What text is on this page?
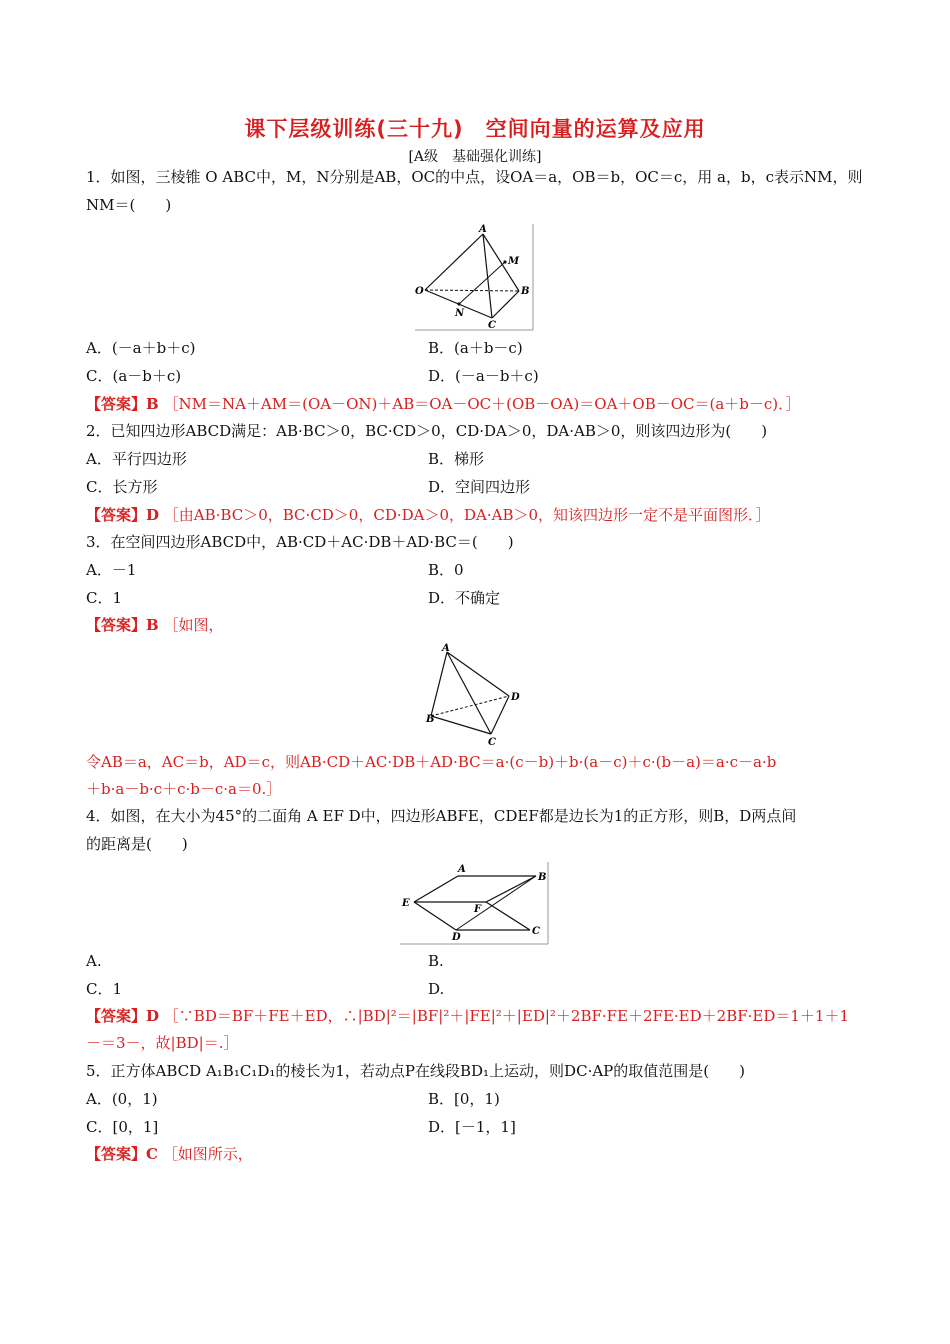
课下层级训练(三十九)　空间向量的运算及应用
[A级　基础强化训练]
1．如图，三棱锥 O ABC中，M，N分别是AB，OC的中点，设OA＝a，OB＝b，OC＝c，用 a，b，c表示NM，则
NM＝(　　)
A
M
O	B
N
C
A．(－a＋b＋c)	B．(a＋b－c)
C．(a－b＋c)	D．(－a－b＋c)
【答案】B ［NM＝NA＋AM＝(OA－ON)＋AB＝OA－OC＋(OB－OA)＝OA＋OB－OC＝(a＋b－c)．］
2．已知四边形ABCD满足：AB·BC＞0，BC·CD＞0，CD·DA＞0，DA·AB＞0，则该四边形为(　　)
A．平行四边形	B．梯形
C．长方形	D．空间四边形
【答案】D ［由AB·BC＞0，BC·CD＞0，CD·DA＞0，DA·AB＞0，知该四边形一定不是平面图形．］
3．在空间四边形ABCD中，AB·CD＋AC·DB＋AD·BC＝(　　)
A．－1	B．0
C．1	D．不确定
【答案】B ［如图，
A
D
B
C
令AB＝a，AC＝b，AD＝c，则AB·CD＋AC·DB＋AD·BC＝a·(c－b)＋b·(a－c)＋c·(b－a)＝a·c－a·b
＋b·a－b·c＋c·b－c·a＝0.］
4．如图，在大小为45°的二面角 A EF D中，四边形ABFE，CDEF都是边长为1的正方形，则B，D两点间
的距离是(　　)
A
B
E
F
D
C
A.	B.
C．1	D.
【答案】D ［∵BD＝BF＋FE＋ED，∴|BD|²＝|BF|²＋|FE|²＋|ED|²＋2BF·FE＋2FE·ED＋2BF·ED＝1＋1＋1
－＝3－，故|BD|＝.］
5．正方体ABCD A₁B₁C₁D₁的棱长为1，若动点P在线段BD₁上运动，则DC·AP的取值范围是(　　)
A．(0，1)	B．[0，1)
C．[0，1]	D．[－1，1]
【答案】C ［如图所示，
